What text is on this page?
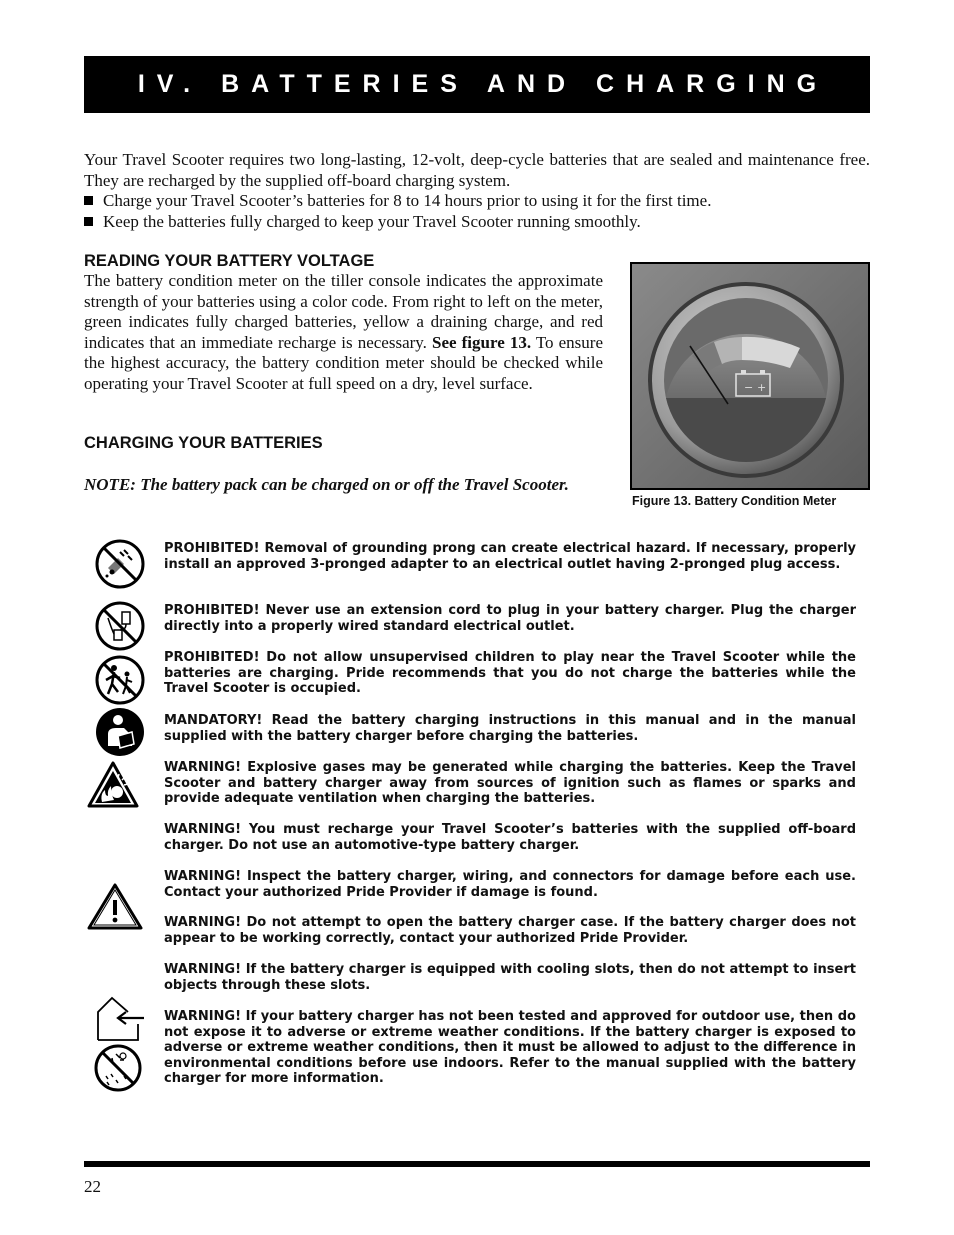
IV. BATTERIES AND CHARGING

Your Travel Scooter requires two long-lasting, 12-volt, deep-cycle batteries that are sealed and maintenance free. They are recharged by the supplied off-board charging system.

Charge your Travel Scooter’s batteries for 8 to 14 hours prior to using it for the first time.
Keep the batteries fully charged to keep your Travel Scooter running smoothly.
READING YOUR BATTERY VOLTAGE

The battery condition meter on the tiller console indicates the approximate strength of your batteries using a color code. From right to left on the meter, green indicates fully charged batteries, yellow a draining charge, and red indicates that an immediate recharge is necessary. See figure 13. To ensure the highest accuracy, the battery condition meter should be checked while operating your Travel Scooter at full speed on a dry, level surface.

CHARGING YOUR BATTERIES

NOTE: The battery pack can be charged on or off the Travel Scooter.

− +

Figure 13. Battery Condition Meter

PROHIBITED! Removal of grounding prong can create electrical hazard. If necessary, properly install an approved 3-pronged adapter to an electrical outlet having 2-pronged plug access.

PROHIBITED! Never use an extension cord to plug in your battery charger. Plug the charger directly into a properly wired standard electrical outlet.

PROHIBITED! Do not allow unsupervised children to play near the Travel Scooter while the batteries are charging. Pride recommends that you do not charge the batteries while the Travel Scooter is occupied.

MANDATORY! Read the battery charging instructions in this manual and in the manual supplied with the battery charger before charging the batteries.

WARNING! Explosive gases may be generated while charging the batteries. Keep the Travel Scooter and battery charger away from sources of ignition such as flames or sparks and provide adequate ventilation when charging the batteries.

WARNING! You must recharge your Travel Scooter’s batteries with the supplied off-board charger. Do not use an automotive-type battery charger.

WARNING! Inspect the battery charger, wiring, and connectors for damage before each use. Contact your authorized Pride Provider if damage is found.

WARNING! Do not attempt to open the battery charger case. If the battery charger does not appear to be working correctly, contact your authorized Pride Provider.

WARNING! If the battery charger is equipped with cooling slots, then do not attempt to insert objects through these slots.

WARNING! If your battery charger has not been tested and approved for outdoor use, then do not expose it to adverse or extreme weather conditions. If the battery charger is exposed to adverse or extreme weather conditions, then it must be allowed to adjust to the difference in environmental conditions before use indoors. Refer to the manual supplied with the battery charger for more information.

22
